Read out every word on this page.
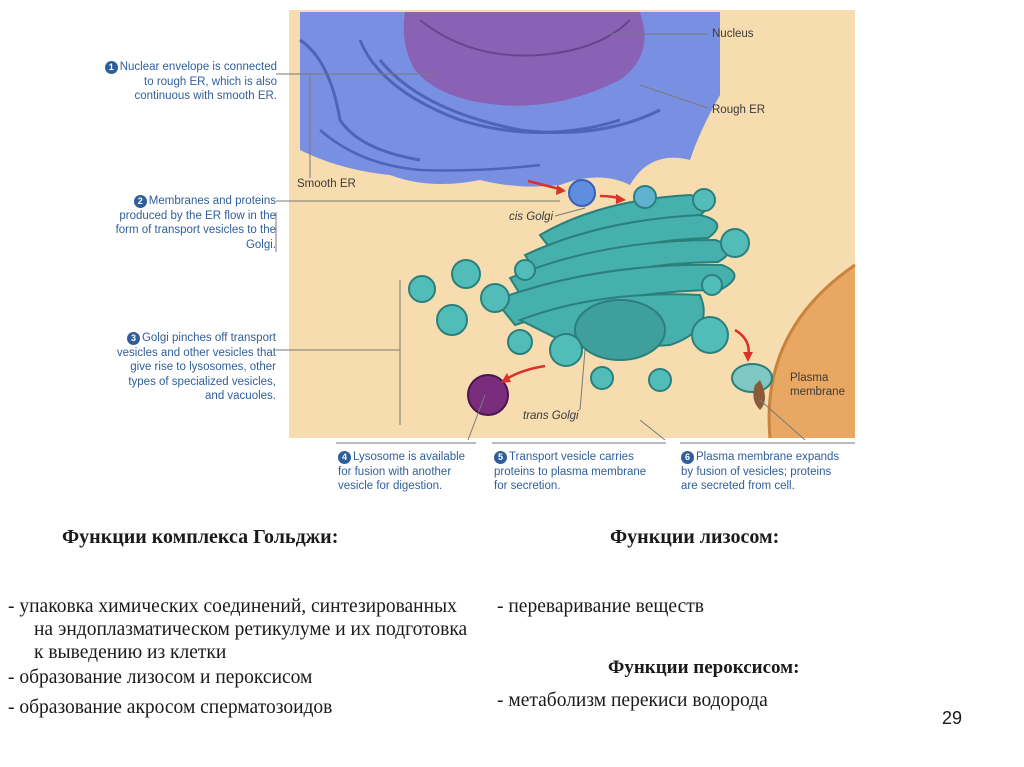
Nucleus
Rough ER
Smooth ER
cis Golgi
trans Golgi
Plasma
membrane
1 Nuclear envelope is connected
to rough ER, which is also
continuous with smooth ER.
2 Membranes and proteins
produced by the ER flow in the
form of transport vesicles to the
Golgi.
3 Golgi pinches off transport
vesicles and other vesicles that
give rise to lysosomes, other
types of specialized vesicles,
and vacuoles.
4 Lysosome is available
for fusion with another
vesicle for digestion.
5 Transport vesicle carries
proteins to plasma membrane
for secretion.
6 Plasma membrane expands
by fusion of vesicles; proteins
are secreted from cell.
Функции комплекса Гольджи:
- упаковка химических соединений, синтезированных на эндоплазматическом ретикулуме и их подготовка к выведению из клетки
- образование лизосом и пероксисом
- образование акросом сперматозоидов
Функции лизосом:
- переваривание веществ
Функции пероксисом:
- метаболизм перекиси водорода
29
